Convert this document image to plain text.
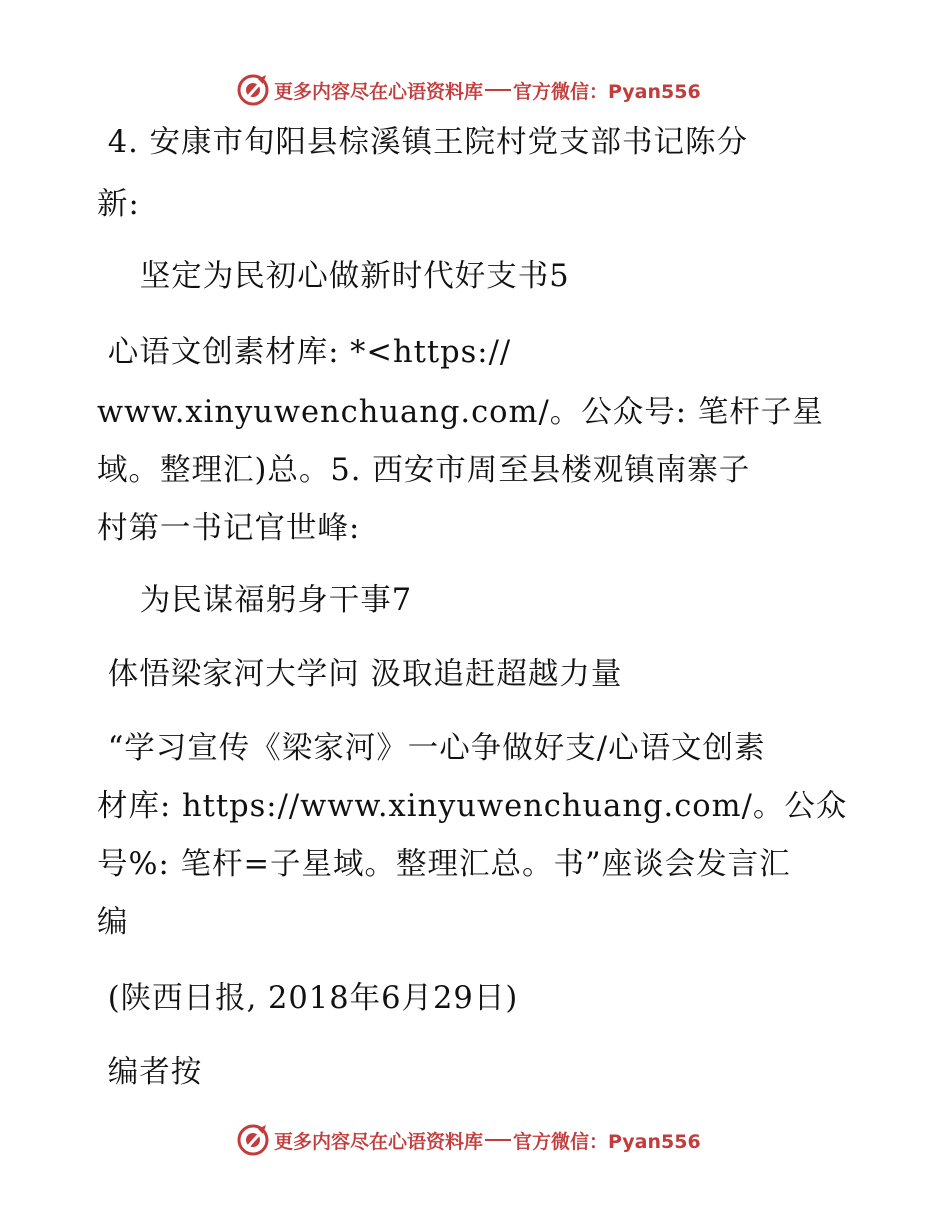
更多内容尽在心语资料库 官方微信：Pyan556
4. 安康市旬阳县棕溪镇王院村党支部书记陈分
新:
坚定为民初心做新时代好支书5
心语文创素材库: *<https://
www.xinyuwenchuang.com/。公众号: 笔杆子星
域。整理汇)总。5. 西安市周至县楼观镇南寨子
村第一书记官世峰:
为民谋福躬身干事7
体悟梁家河大学问 汲取追赶超越力量
“学习宣传《梁家河》一心争做好支/心语文创素
材库: https://www.xinyuwenchuang.com/。公众
号%: 笔杆=子星域。整理汇总。书”座谈会发言汇
编
(陕西日报, 2018年6月29日)
编者按
更多内容尽在心语资料库 官方微信：Pyan556
